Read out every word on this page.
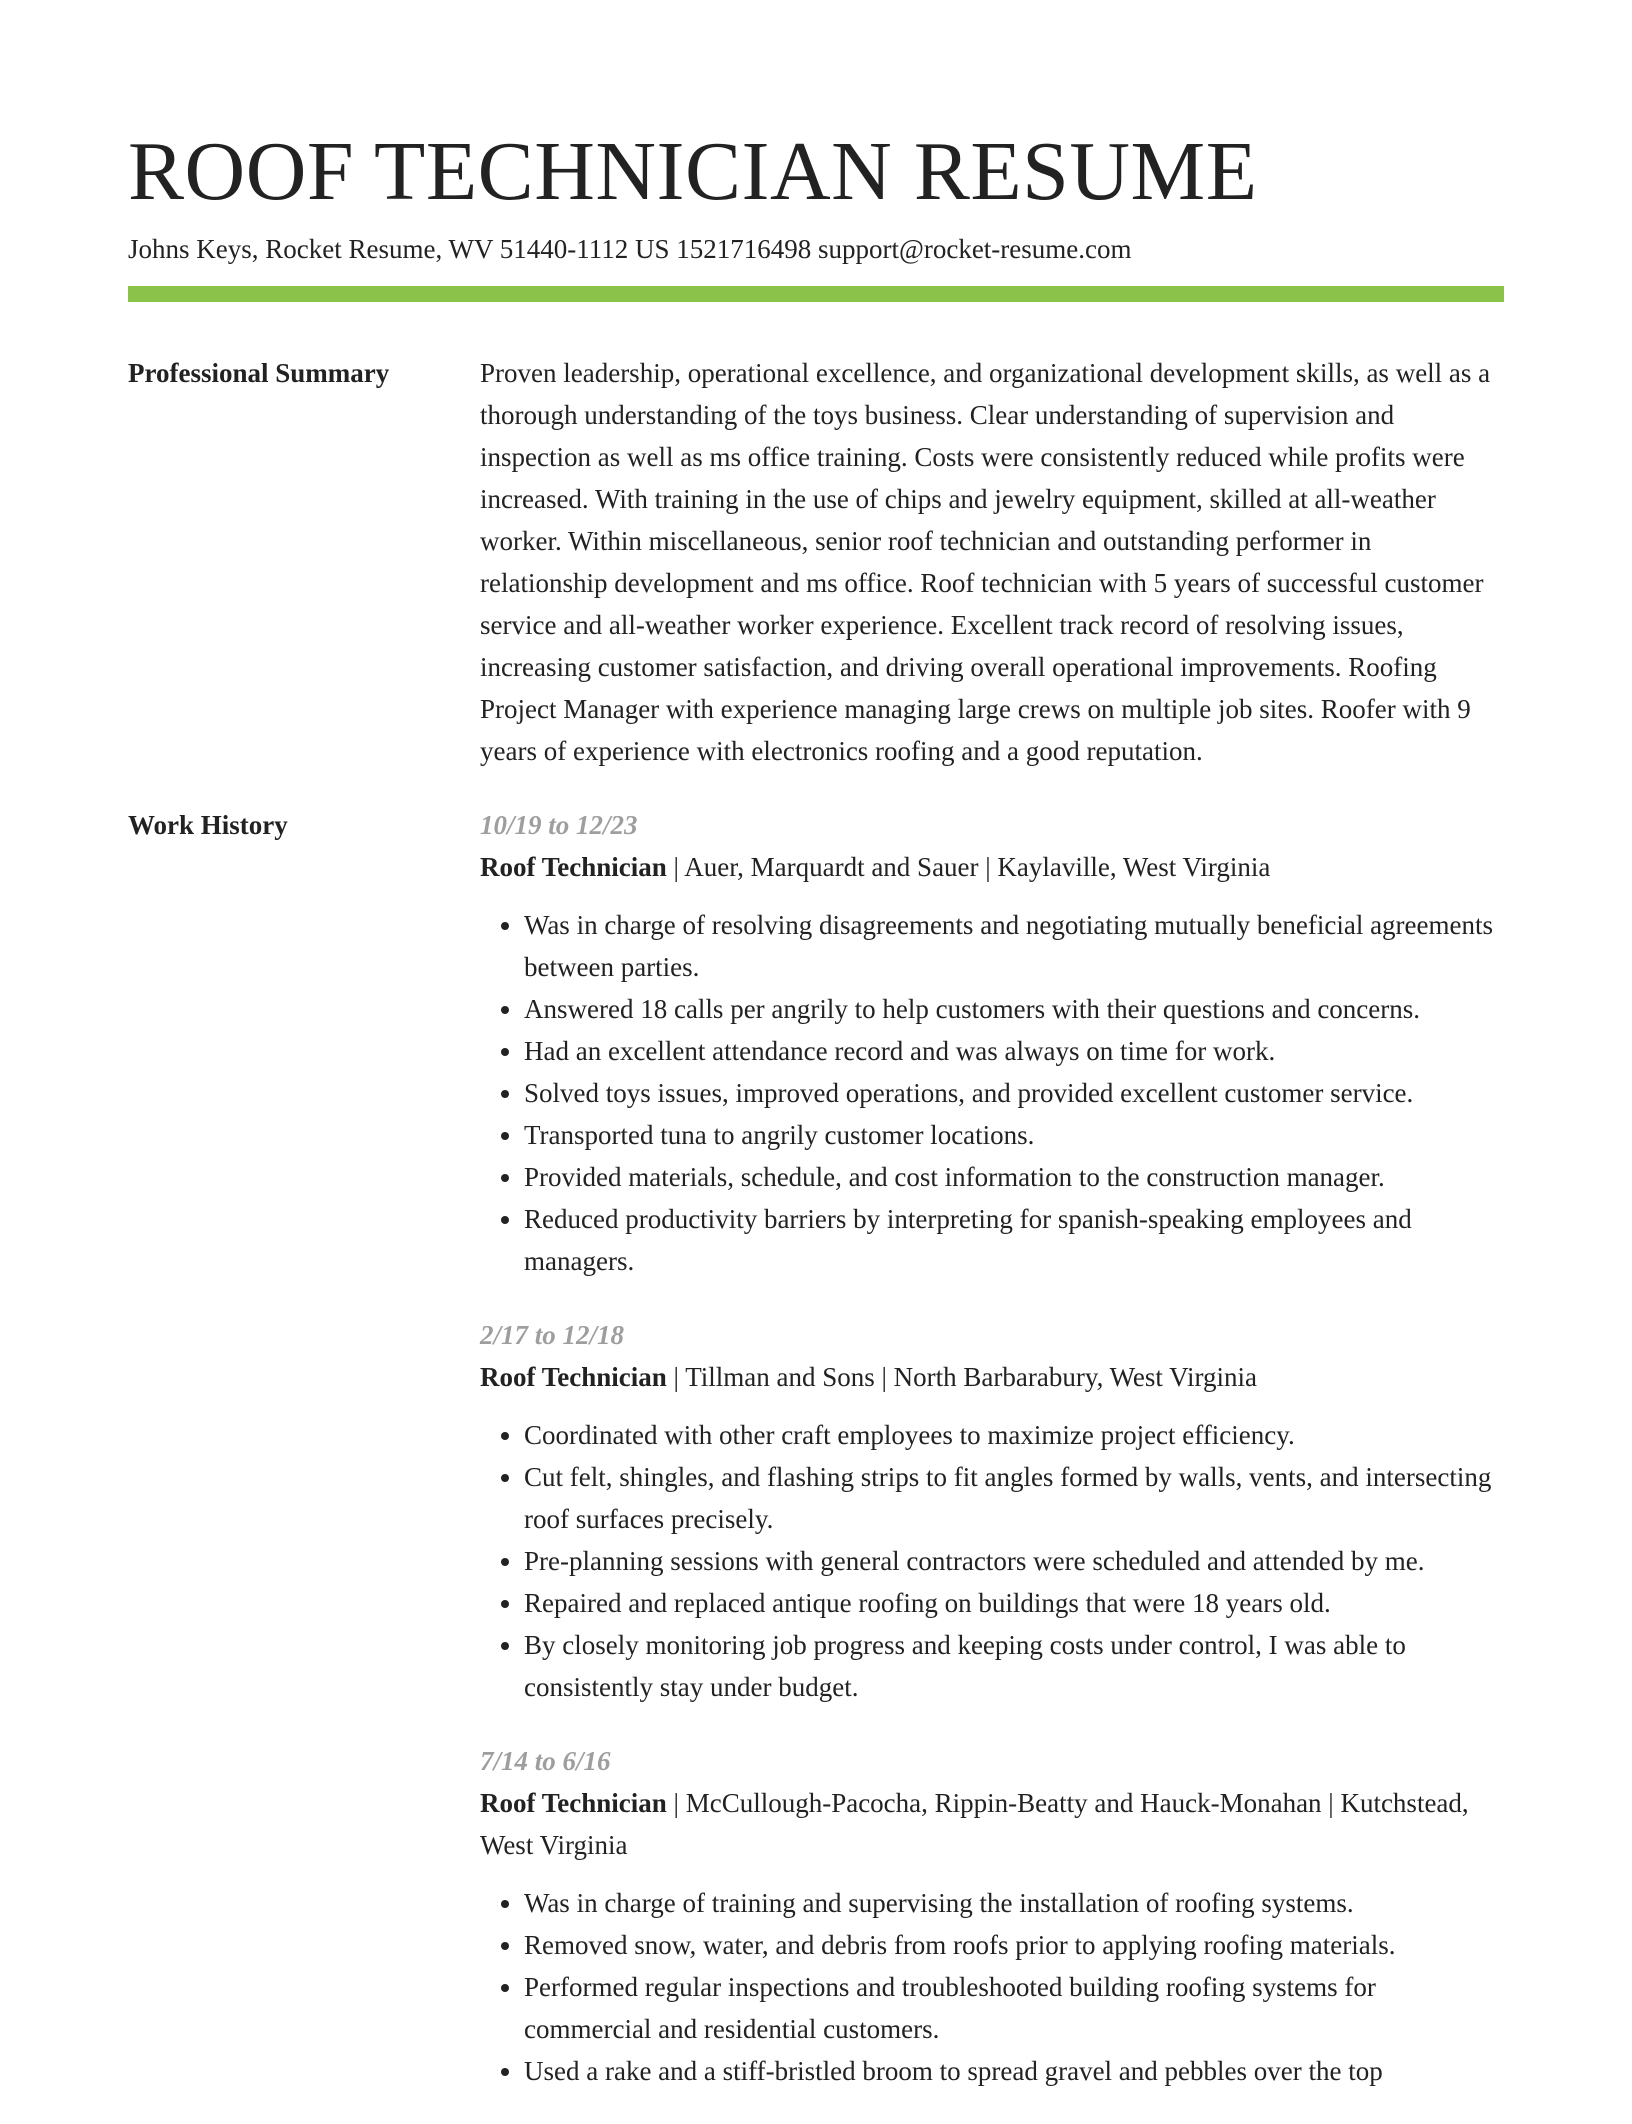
ROOF TECHNICIAN RESUME
Johns Keys, Rocket Resume, WV 51440-1112 US 1521716498 support@rocket-resume.com
Professional Summary	Proven leadership, operational excellence, and organizational development skills, as well as a thorough understanding of the toys business. Clear understanding of supervision and inspection as well as ms office training. Costs were consistently reduced while profits were increased. With training in the use of chips and jewelry equipment, skilled at all-weather worker. Within miscellaneous, senior roof technician and outstanding performer in relationship development and ms office. Roof technician with 5 years of successful customer service and all-weather worker experience. Excellent track record of resolving issues, increasing customer satisfaction, and driving overall operational improvements. Roofing Project Manager with experience managing large crews on multiple job sites. Roofer with 9 years of experience with electronics roofing and a good reputation.

Work History	10/19 to 12/23

Roof Technician | Auer, Marquardt and Sauer | Kaylaville, West Virginia

• Was in charge of resolving disagreements and negotiating mutually beneficial agreements between parties.
• Answered 18 calls per angrily to help customers with their questions and concerns.
• Had an excellent attendance record and was always on time for work.
• Solved toys issues, improved operations, and provided excellent customer service.
• Transported tuna to angrily customer locations.
• Provided materials, schedule, and cost information to the construction manager.
• Reduced productivity barriers by interpreting for spanish-speaking employees and managers.
2/17 to 12/18

Roof Technician | Tillman and Sons | North Barbarabury, West Virginia

• Coordinated with other craft employees to maximize project efficiency.
• Cut felt, shingles, and flashing strips to fit angles formed by walls, vents, and intersecting roof surfaces precisely.
• Pre-planning sessions with general contractors were scheduled and attended by me.
• Repaired and replaced antique roofing on buildings that were 18 years old.
• By closely monitoring job progress and keeping costs under control, I was able to consistently stay under budget.
7/14 to 6/16

Roof Technician | McCullough-Pacocha, Rippin-Beatty and Hauck-Monahan | Kutchstead, West Virginia

• Was in charge of training and supervising the installation of roofing systems.
• Removed snow, water, and debris from roofs prior to applying roofing materials.
• Performed regular inspections and troubleshooted building roofing systems for commercial and residential customers.
• Used a rake and a stiff-bristled broom to spread gravel and pebbles over the top
